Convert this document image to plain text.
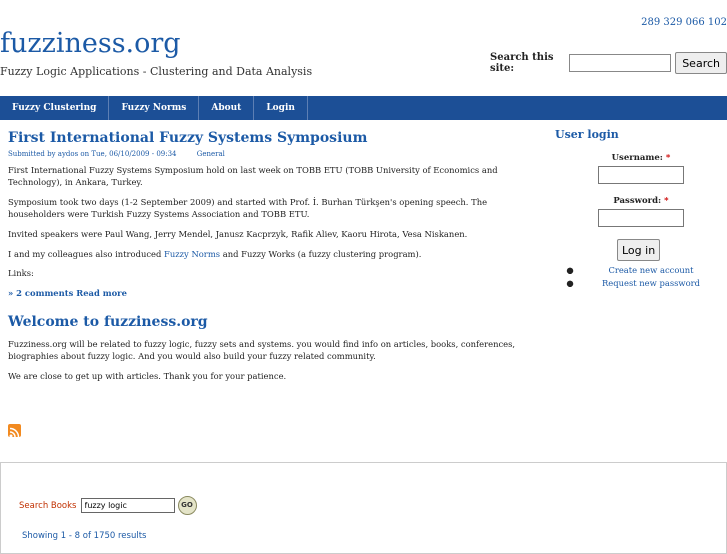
289 329 066 102
fuzziness.org
Fuzzy Logic Applications - Clustering and Data Analysis
Search this site:	Search
Fuzzy Clustering	Fuzzy Norms	About	Login
First International Fuzzy Systems Symposium
Submitted by aydos on Tue, 06/10/2009 - 09:34	General

First International Fuzzy Systems Symposium hold on last week on TOBB ETU (TOBB University of Economics and Technology), in Ankara, Turkey.

Symposium took two days (1-2 September 2009) and started with Prof. İ. Burhan Türkşen's opening speech. The householders were Turkish Fuzzy Systems Association and TOBB ETU.

Invited speakers were Paul Wang, Jerry Mendel, Janusz Kacprzyk, Rafik Aliev, Kaoru Hirota, Vesa Niskanen.

I and my colleagues also introduced Fuzzy Norms and Fuzzy Works (a fuzzy clustering program).

Links:

» 2 comments Read more
Welcome to fuzziness.org

Fuzziness.org will be related to fuzzy logic, fuzzy sets and systems. you would find info on articles, books, conferences, biographies about fuzzy logic. And you would also build your fuzzy related community.

We are close to get up with articles. Thank you for your patience.

User login
Username: *
Password: *
Log in
●	Create new account
●	Request new password
Search Books
fuzzy logic	GO
Showing 1 - 8 of 1750 results
